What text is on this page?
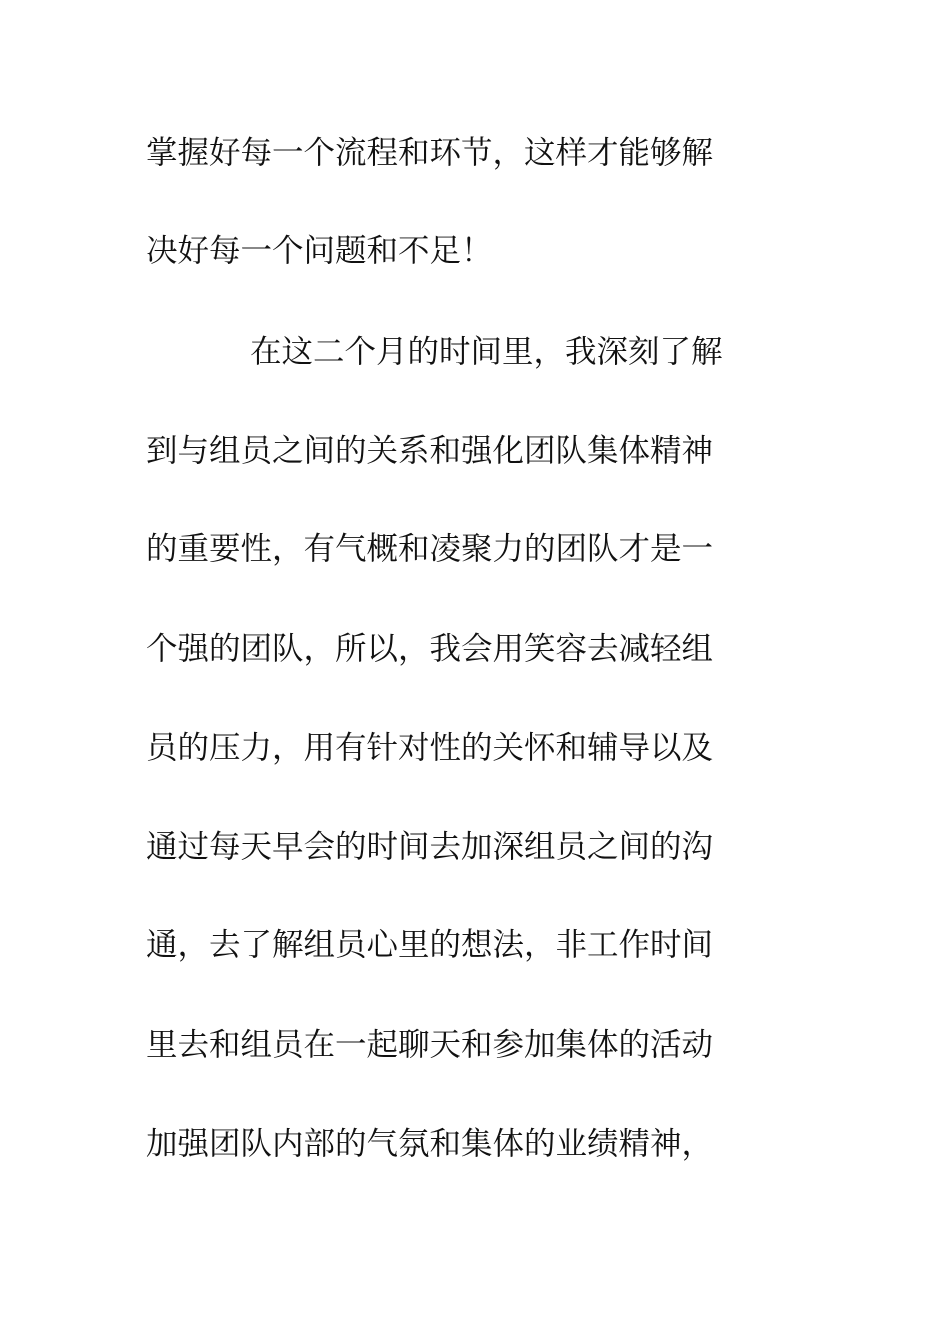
掌握好每一个流程和环节，这样才能够解
决好每一个问题和不足！
在这二个月的时间里，我深刻了解
到与组员之间的关系和强化团队集体精神
的重要性，有气概和凌聚力的团队才是一
个强的团队，所以，我会用笑容去减轻组
员的压力，用有针对性的关怀和辅导以及
通过每天早会的时间去加深组员之间的沟
通，去了解组员心里的想法，非工作时间
里去和组员在一起聊天和参加集体的活动
加强团队内部的气氛和集体的业绩精神，
